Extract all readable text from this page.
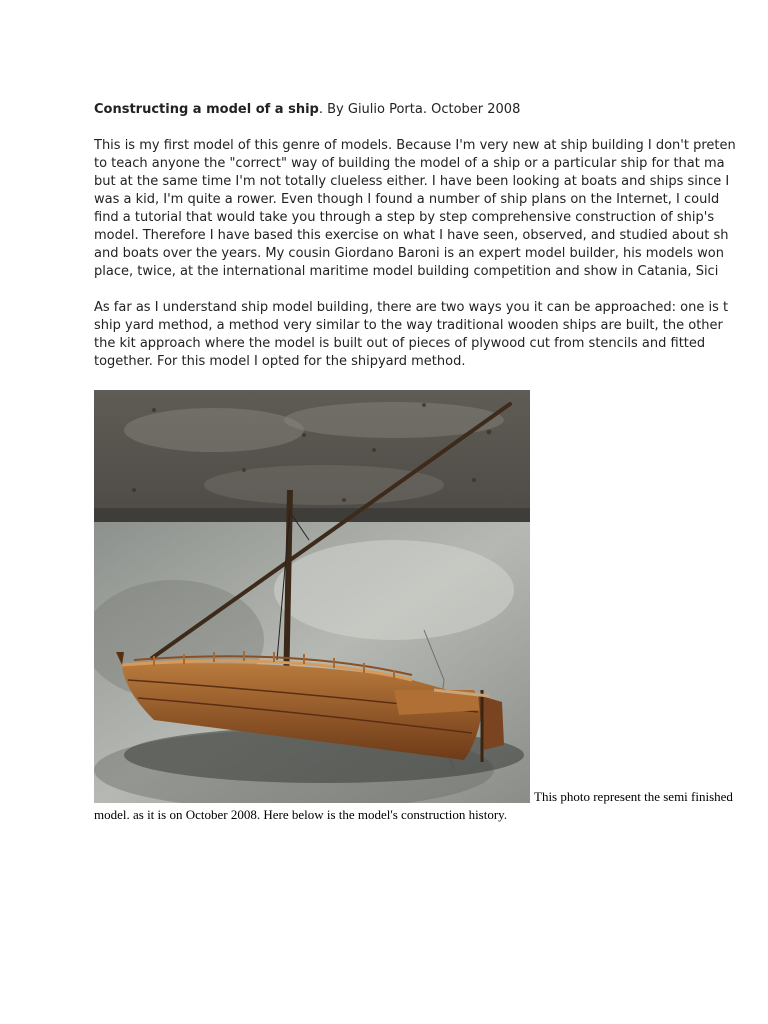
Constructing a model of a ship. By Giulio Porta. October 2008

This is my first model of this genre of models. Because I'm very new at ship building I don't preten
to teach anyone the "correct" way of building the model of a ship or a particular ship for that ma
but at the same time I'm not totally clueless either. I have been looking at boats and ships since I
was a kid, I'm quite a rower. Even though I found a number of ship plans on the Internet, I could
find a tutorial that would take you through a step by step comprehensive construction of ship's
model. Therefore I have based this exercise on what I have seen, observed, and studied about sh
and boats over the years. My cousin Giordano Baroni is an expert model builder, his models won
place, twice, at the international maritime model building competition and show in Catania, Sici

As far as I understand ship model building, there are two ways you it can be approached: one is t
ship yard method, a method very similar to the way traditional wooden ships are built, the other
the kit approach where the model is built out of pieces of plywood cut from stencils and fitted
together. For this model I opted for the shipyard method.

This photo represent the semi finished
model. as it is on October 2008. Here below is the model's construction history.
